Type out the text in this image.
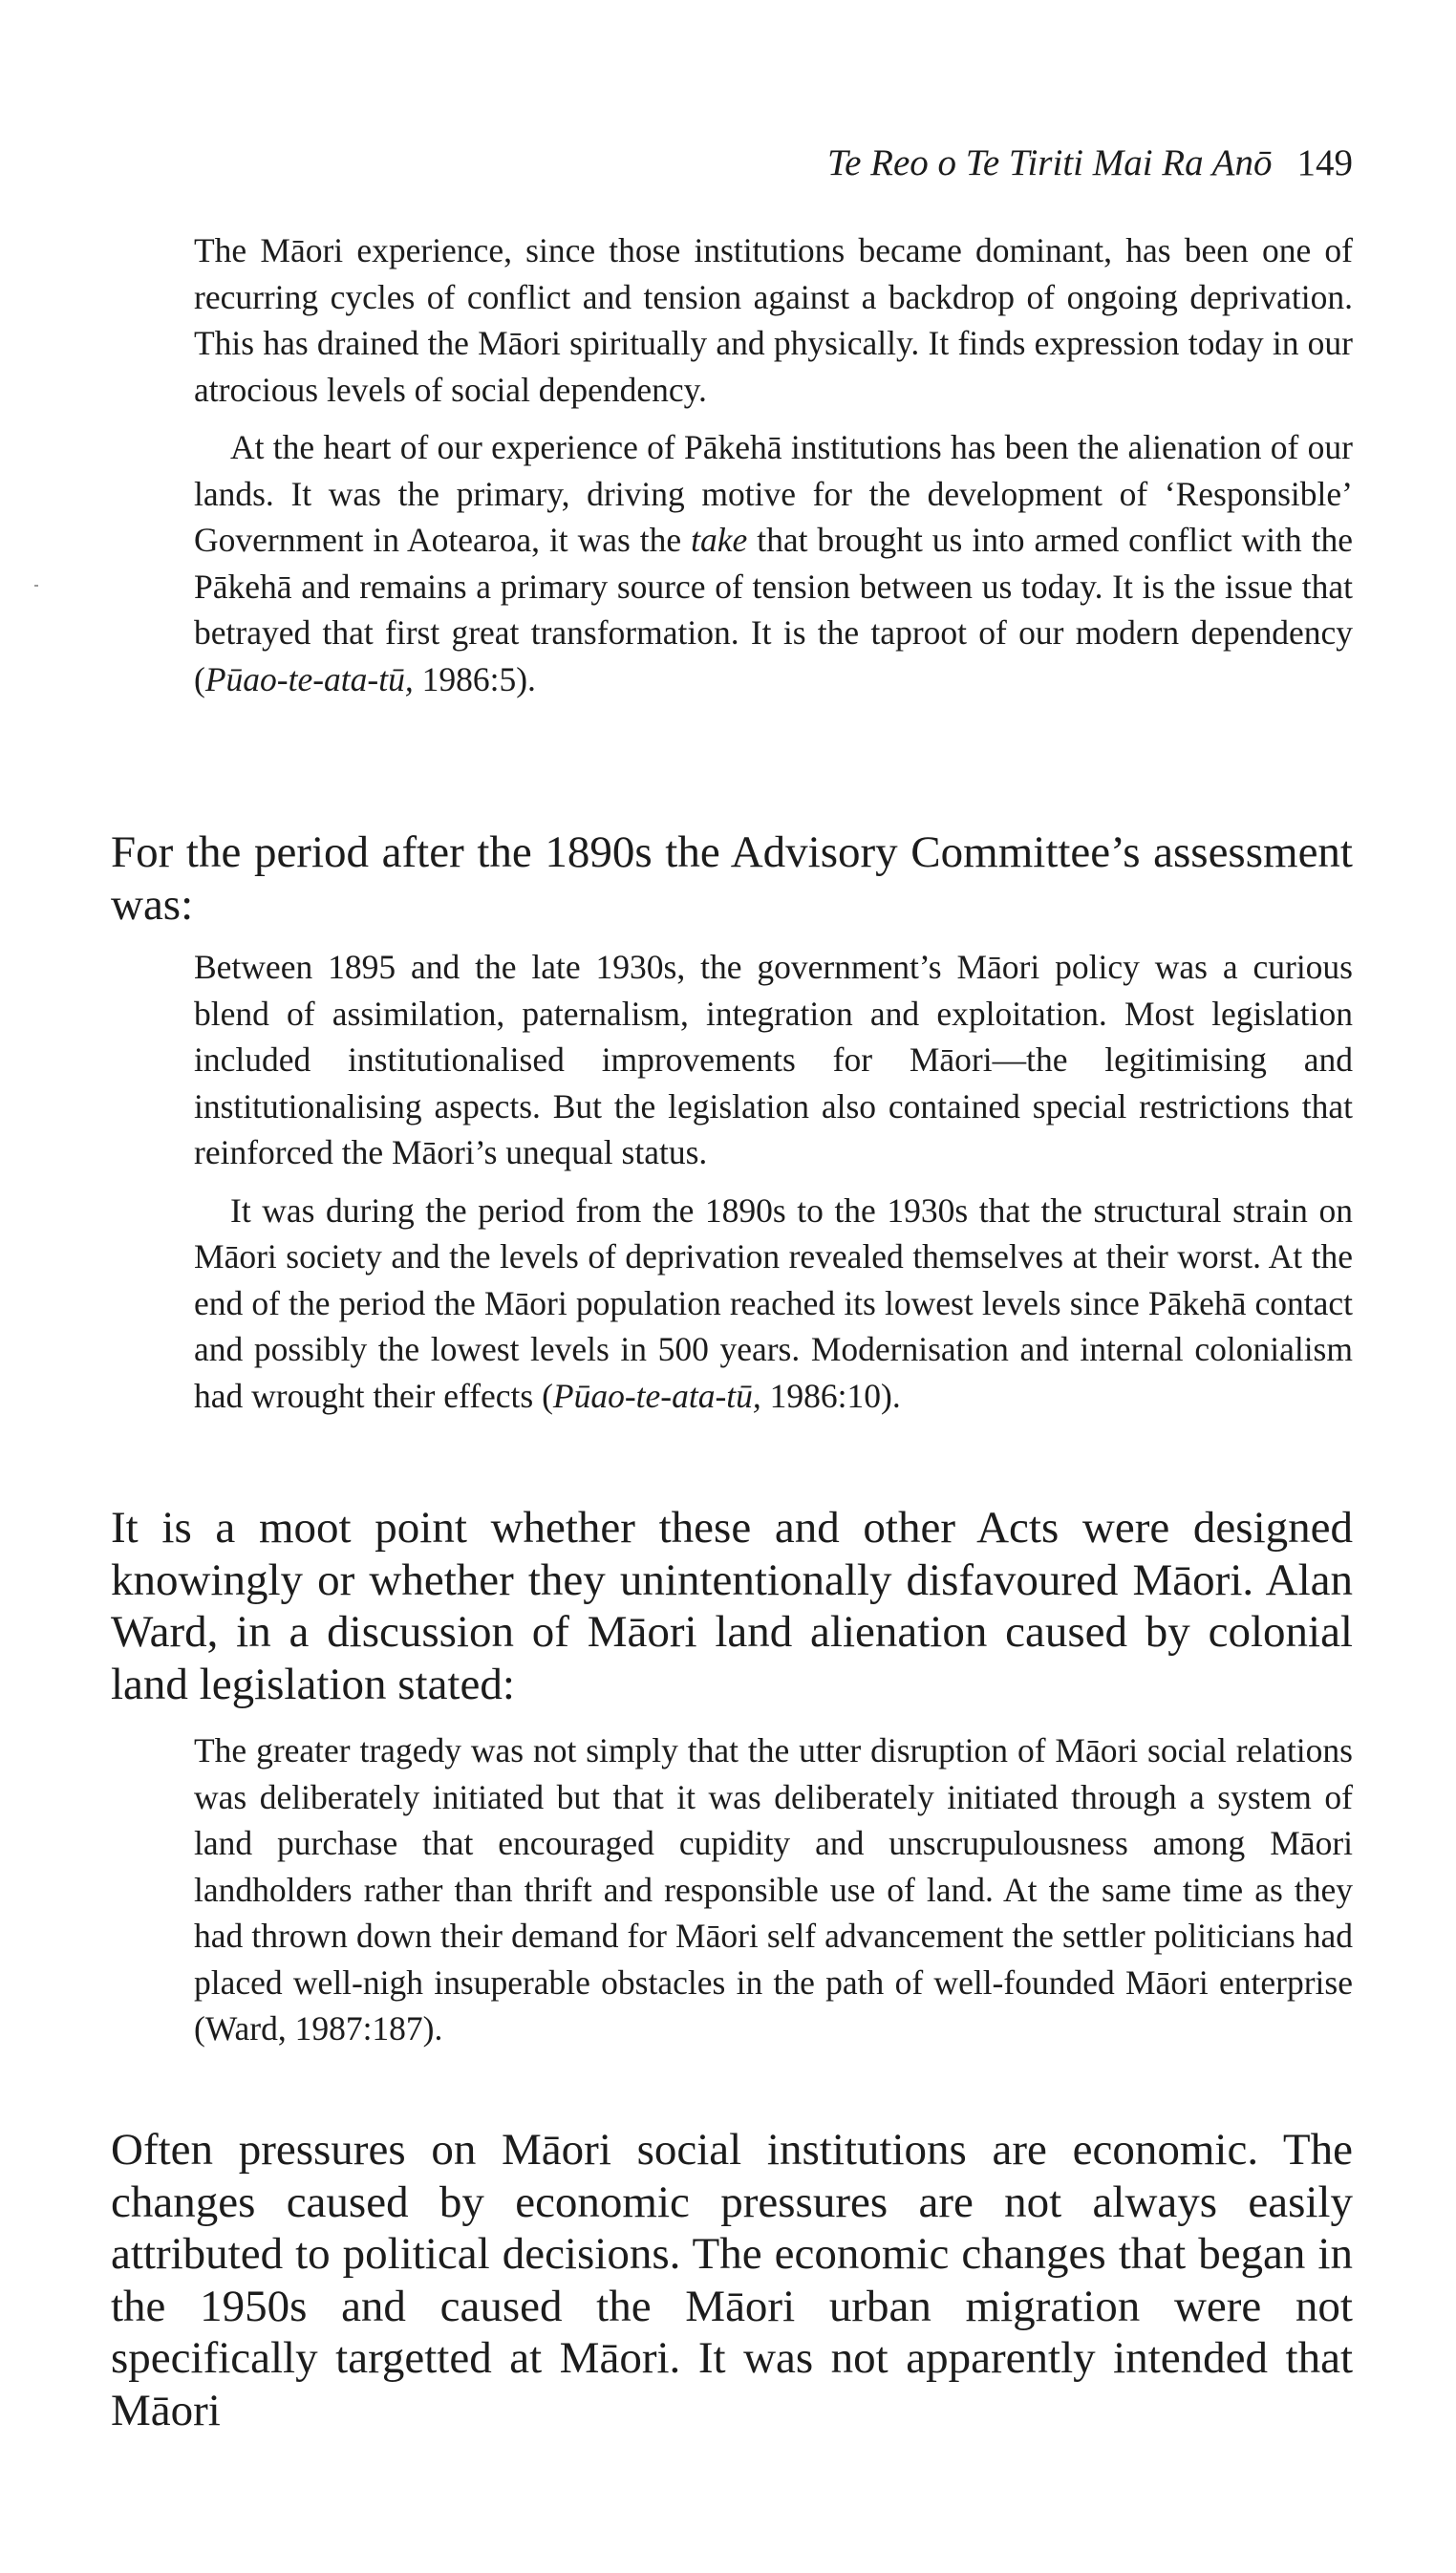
Te Reo o Te Tiriti Mai Ra Anō 149

The Māori experience, since those institutions became dominant, has been one of recurring cycles of conflict and tension against a backdrop of ongoing deprivation. This has drained the Māori spiritually and physically. It finds expression today in our atrocious levels of social dependency.

At the heart of our experience of Pākehā institutions has been the alienation of our lands. It was the primary, driving motive for the development of ‘Responsible’ Government in Aotearoa, it was the take that brought us into armed conflict with the Pākehā and remains a primary source of tension between us today. It is the issue that betrayed that first great transformation. It is the taproot of our modern dependency (Pūao-te-ata-tū, 1986:5).

For the period after the 1890s the Advisory Committee’s assessment was:

Between 1895 and the late 1930s, the government’s Māori policy was a curious blend of assimilation, paternalism, integration and exploitation. Most legislation included institutionalised improvements for Māori—the legitimising and institutionalising aspects. But the legislation also contained special restrictions that reinforced the Māori’s unequal status.

It was during the period from the 1890s to the 1930s that the structural strain on Māori society and the levels of deprivation revealed themselves at their worst. At the end of the period the Māori population reached its lowest levels since Pākehā contact and possibly the lowest levels in 500 years. Modernisation and internal colonialism had wrought their effects (Pūao-te-ata-tū, 1986:10).

It is a moot point whether these and other Acts were designed knowingly or whether they unintentionally disfavoured Māori. Alan Ward, in a discussion of Māori land alienation caused by colonial land legislation stated:

The greater tragedy was not simply that the utter disruption of Māori social relations was deliberately initiated but that it was deliberately initiated through a system of land purchase that encouraged cupidity and unscrupulousness among Māori landholders rather than thrift and responsible use of land. At the same time as they had thrown down their demand for Māori self advancement the settler politicians had placed well-nigh insuperable obstacles in the path of well-founded Māori enterprise (Ward, 1987:187).

Often pressures on Māori social institutions are economic. The changes caused by economic pressures are not always easily attributed to political decisions. The economic changes that began in the 1950s and caused the Māori urban migration were not specifically targetted at Māori. It was not apparently intended that Māori
